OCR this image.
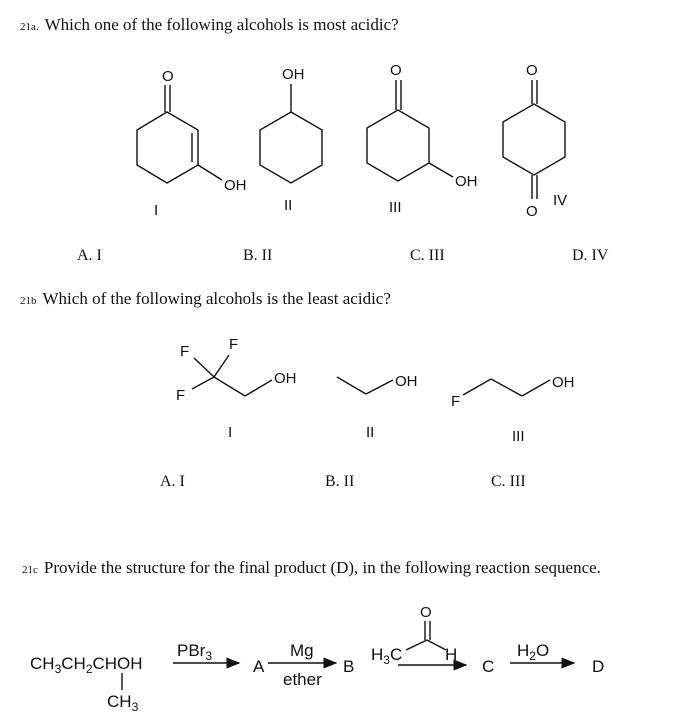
21a. Which one of the following alcohols is most acidic?
O
OH
I
OH
II
O
OH
III
O
O
IV
A. I	B. II	C. III	D. IV
21b Which of the following alcohols is the least acidic?
F	F
F
OH
I
OH
II
F
OH
III
A. I	B. II	C. III
21c Provide the structure for the final product (D), in the following reaction sequence.
$CH_3CH_2CHOH$
$CH_3$
PBr$_3$
A
Mg
ether
B
O
$H_3C$	H
C
$H_2O$
D
